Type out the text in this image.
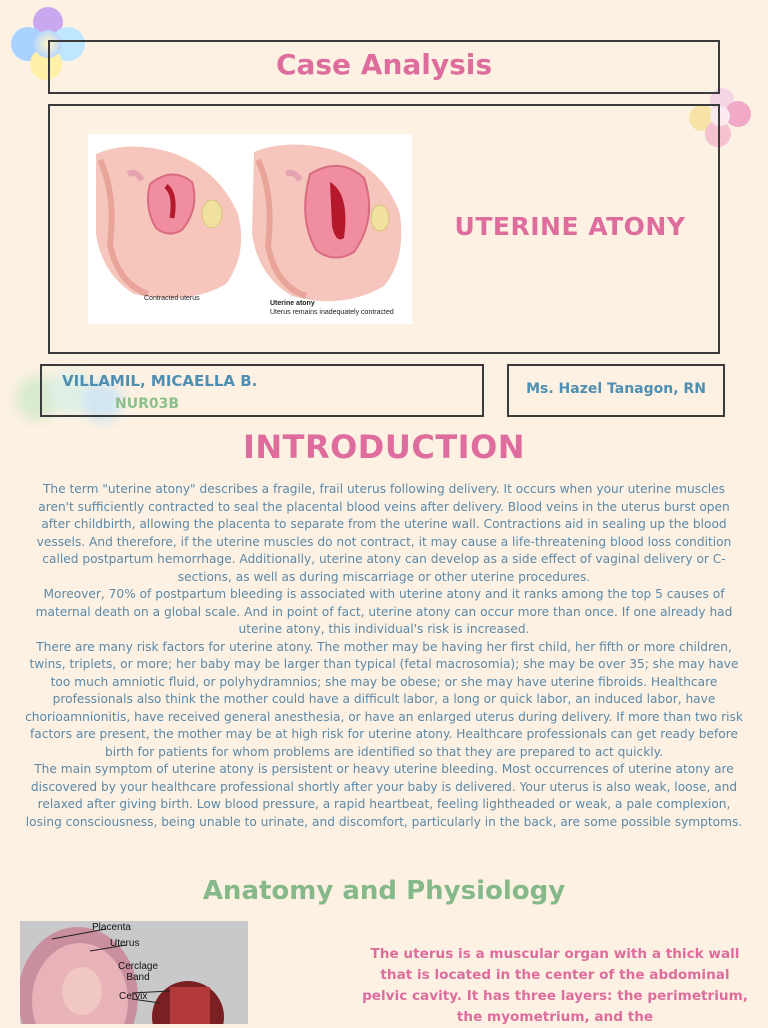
Case Analysis
Contracted uterus
Uterine atony
Uterus remains inadequately contracted
UTERINE ATONY
VILLAMIL, MICAELLA B.
NUR03B
Ms. Hazel Tanagon, RN
INTRODUCTION

The term "uterine atony" describes a fragile, frail uterus following delivery. It occurs when your uterine muscles aren't sufficiently contracted to seal the placental blood veins after delivery. Blood veins in the uterus burst open after childbirth, allowing the placenta to separate from the uterine wall. Contractions aid in sealing up the blood vessels. And therefore, if the uterine muscles do not contract, it may cause a life-threatening blood loss condition called postpartum hemorrhage. Additionally, uterine atony can develop as a side effect of vaginal delivery or C-sections, as well as during miscarriage or other uterine procedures.

Moreover, 70% of postpartum bleeding is associated with uterine atony and it ranks among the top 5 causes of maternal death on a global scale. And in point of fact, uterine atony can occur more than once. If one already had uterine atony, this individual's risk is increased.

There are many risk factors for uterine atony. The mother may be having her first child, her fifth or more children, twins, triplets, or more; her baby may be larger than typical (fetal macrosomia); she may be over 35; she may have too much amniotic fluid, or polyhydramnios; she may be obese; or she may have uterine fibroids. Healthcare professionals also think the mother could have a difficult labor, a long or quick labor, an induced labor, have chorioamnionitis, have received general anesthesia, or have an enlarged uterus during delivery. If more than two risk factors are present, the mother may be at high risk for uterine atony. Healthcare professionals can get ready before birth for patients for whom problems are identified so that they are prepared to act quickly.

The main symptom of uterine atony is persistent or heavy uterine bleeding. Most occurrences of uterine atony are discovered by your healthcare professional shortly after your baby is delivered. Your uterus is also weak, loose, and relaxed after giving birth. Low blood pressure, a rapid heartbeat, feeling lightheaded or weak, a pale complexion, losing consciousness, being unable to urinate, and discomfort, particularly in the back, are some possible symptoms.

Anatomy and Physiology
Placenta
Uterus
Cerclage Band
Cervix
The uterus is a muscular organ with a thick wall that is located in the center of the abdominal pelvic cavity. It has three layers: the perimetrium, the myometrium, and the
